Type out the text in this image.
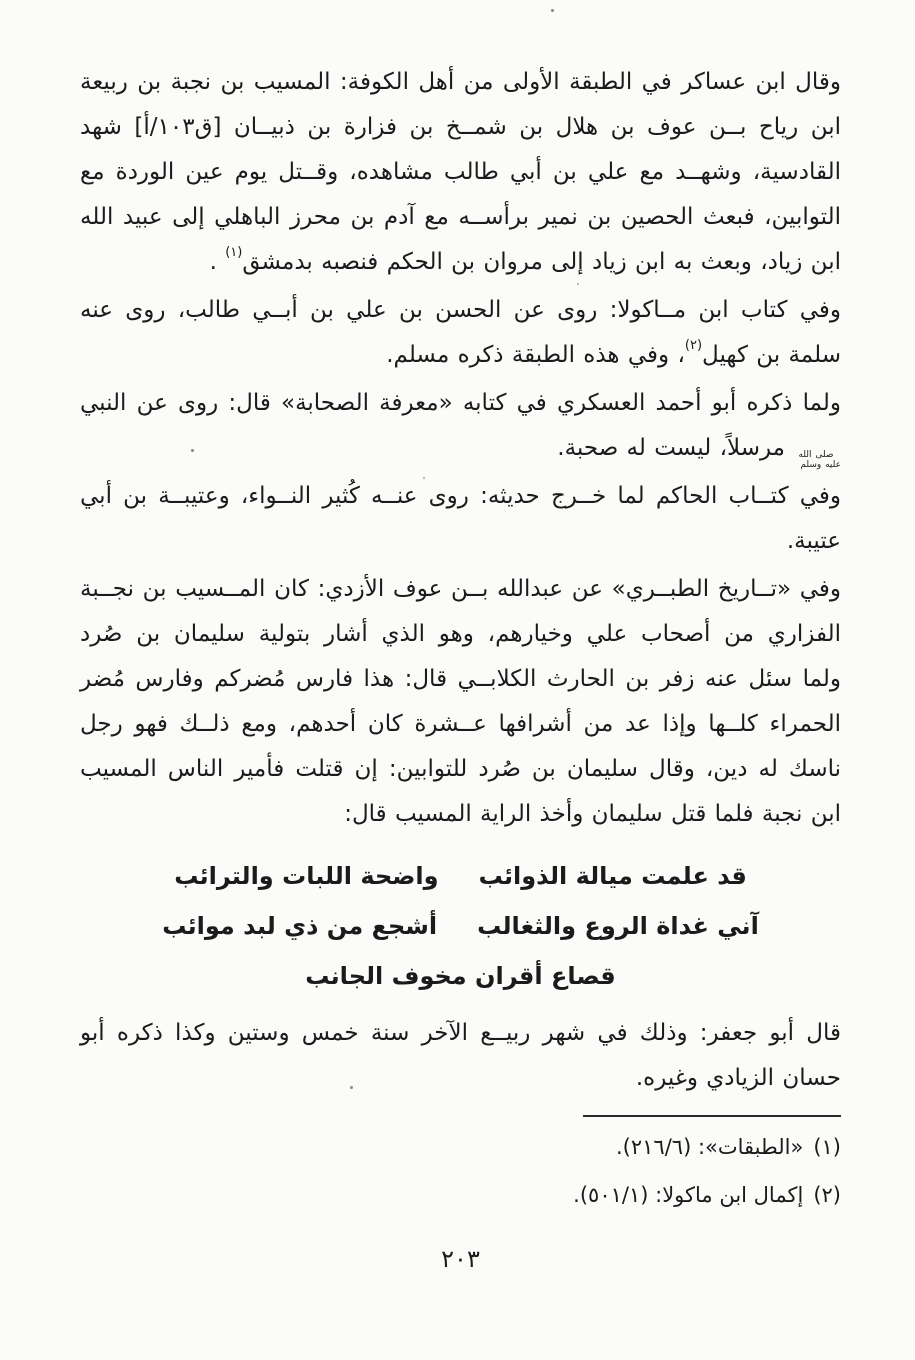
وقال ابن عساكر في الطبقة الأولى من أهل الكوفة: المسيب بن نجبة بن ربيعة
ابن رياح بــن عوف بن هلال بن شمــخ بن فزارة بن ذبيــان [ق١٠٣/أ] شهد
القادسية، وشهــد مع علي بن أبي طالب مشاهده، وقــتل يوم عين الوردة مع
التوابين، فبعث الحصين بن نمير برأســه مع آدم بن محرز الباهلي إلى عبيد الله
ابن زياد، وبعث به ابن زياد إلى مروان بن الحكم فنصبه بدمشق$^{(١)}$ .
وفي كتاب ابن مــاكولا: روى عن الحسن بن علي بن أبــي طالب، روى عنه
سلمة بن كهيل$^{(٢)}$، وفي هذه الطبقة ذكره مسلم.
ولما ذكره أبو أحمد العسكري في كتابه «معرفة الصحابة» قال: روى عن النبي
صلى الله عليه وسلممرسلاً، ليست له صحبة.
وفي كتــاب الحاكم لما خــرج حديثه: روى عنــه كُثير النــواء، وعتيبــة بن أبي
عتيبة.
وفي «تــاريخ الطبــري» عن عبدالله بــن عوف الأزدي: كان المــسيب بن نجــبة
الفزاري من أصحاب علي وخيارهم، وهو الذي أشار بتولية سليمان بن صُرد
ولما سئل عنه زفر بن الحارث الكلابــي قال: هذا فارس مُضركم وفارس مُضر
الحمراء كلــها وإذا عد من أشرافها عــشرة كان أحدهم، ومع ذلــك فهو رجل
ناسك له دين، وقال سليمان بن صُرد للتوابين: إن قتلت فأمير الناس المسيب
ابن نجبة فلما قتل سليمان وأخذ الراية المسيب قال:
قد علمت ميالة الذوائب
واضحة اللبات والترائب
آني غداة الروع والثغالب
أشجع من ذي لبد موائب
قصاع أقران مخوف الجانب
قال أبو جعفر: وذلك في شهر ربيــع الآخر سنة خمس وستين وكذا ذكره أبو
حسان الزيادي وغيره.
(١)«الطبقات»: (٢١٦/٦).
(٢)إكمال ابن ماكولا: (٥٠١/١).
٢٠٣
